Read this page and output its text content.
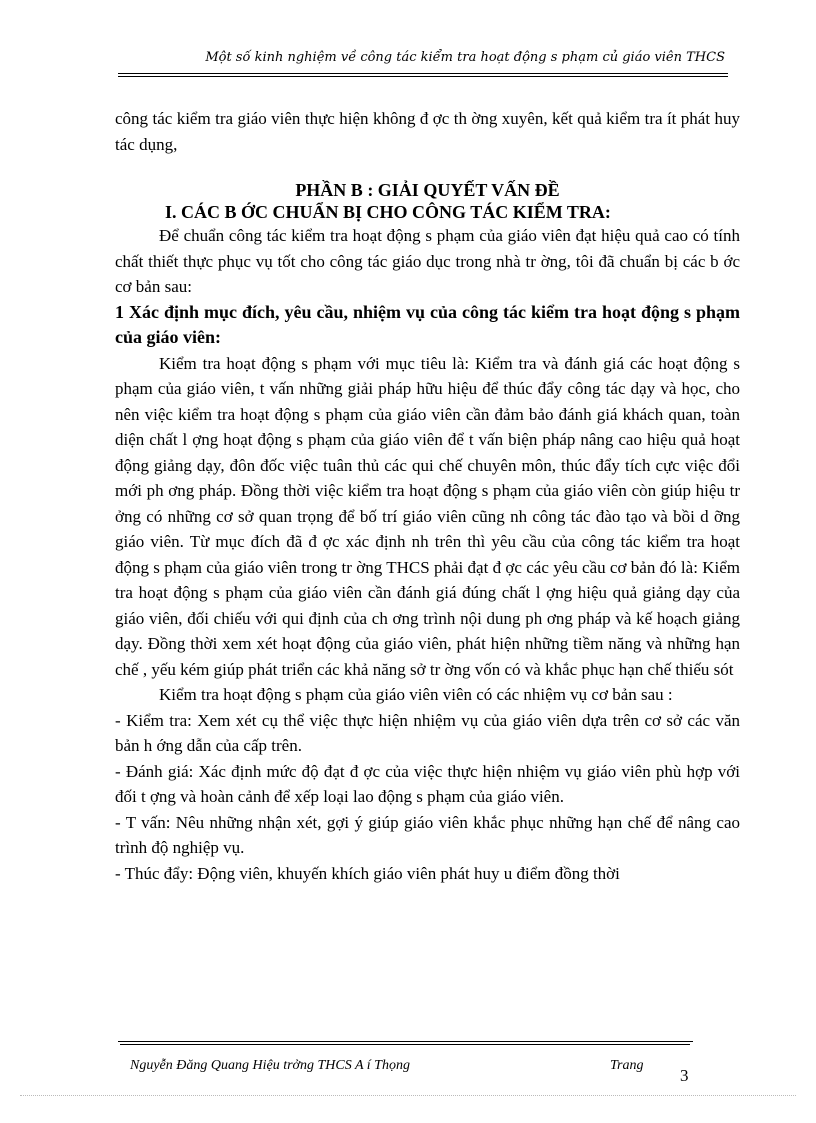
Một số kinh nghiệm về công tác kiểm tra hoạt động s phạm củ giáo viên THCS

công tác kiểm tra giáo viên thực hiện không đ ợc th ờng xuyên, kết quả kiểm tra ít phát huy tác dụng,

PHẦN B : GIẢI QUYẾT VẤN ĐỀ

I. CÁC B ỚC CHUẨN BỊ CHO CÔNG TÁC KIỂM TRA:

Để chuẩn công tác kiểm tra hoạt động s phạm của giáo viên đạt hiệu quả cao có tính chất thiết thực phục vụ tốt cho công tác giáo dục trong nhà tr ờng, tôi đã chuẩn bị các b ớc cơ bản sau:

1 Xác định mục đích, yêu cầu, nhiệm vụ của công tác kiểm tra hoạt động s phạm của giáo viên:

Kiểm tra hoạt động s phạm với mục tiêu là: Kiểm tra và đánh giá các hoạt động s phạm của giáo viên, t vấn những giải pháp hữu hiệu để thúc đẩy công tác dạy và học, cho nên việc kiểm tra hoạt động s phạm của giáo viên cần đảm bảo đánh giá khách quan, toàn diện chất l ợng hoạt động s phạm của giáo viên để t vấn biện pháp nâng cao hiệu quả hoạt động giảng dạy, đôn đốc việc tuân thủ các qui chế chuyên môn, thúc đẩy tích cực việc đổi mới ph ơng pháp. Đồng thời việc kiểm tra hoạt động s phạm của giáo viên còn giúp hiệu tr ởng có những cơ sở quan trọng để bố trí giáo viên cũng nh công tác đào tạo và bồi d ỡng giáo viên. Từ mục đích đã đ ợc xác định nh trên thì yêu cầu của công tác kiểm tra hoạt động s phạm của giáo viên trong tr ờng THCS phải đạt đ ợc các yêu cầu cơ bản đó là: Kiểm tra hoạt động s phạm của giáo viên cần đánh giá đúng chất l ợng hiệu quả giảng dạy của giáo viên, đối chiếu với qui định của ch ơng trình nội dung ph ơng pháp và kế hoạch giảng dạy. Đồng thời xem xét hoạt động của giáo viên, phát hiện những tiềm năng và những hạn chế , yếu kém giúp phát triển các khả năng sở tr ờng vốn có và khắc phục hạn chế thiếu sót

Kiểm tra hoạt động s phạm của giáo viên viên có các nhiệm vụ cơ bản sau :

- Kiểm tra: Xem xét cụ thể việc thực hiện nhiệm vụ của giáo viên dựa trên cơ sở các văn bản h ớng dẫn của cấp trên.

- Đánh giá: Xác định mức độ đạt đ ợc của việc thực hiện nhiệm vụ giáo viên phù hợp với đối t ợng và hoàn cảnh để xếp loại lao động s phạm của giáo viên.

- T vấn: Nêu những nhận xét, gợi ý giúp giáo viên khắc phục những hạn chế để nâng cao trình độ nghiệp vụ.

- Thúc đẩy: Động viên, khuyến khích giáo viên phát huy u điểm đồng thời

Nguyễn Đăng Quang Hiệu trởng THCS A í Thọng	Trang
3
